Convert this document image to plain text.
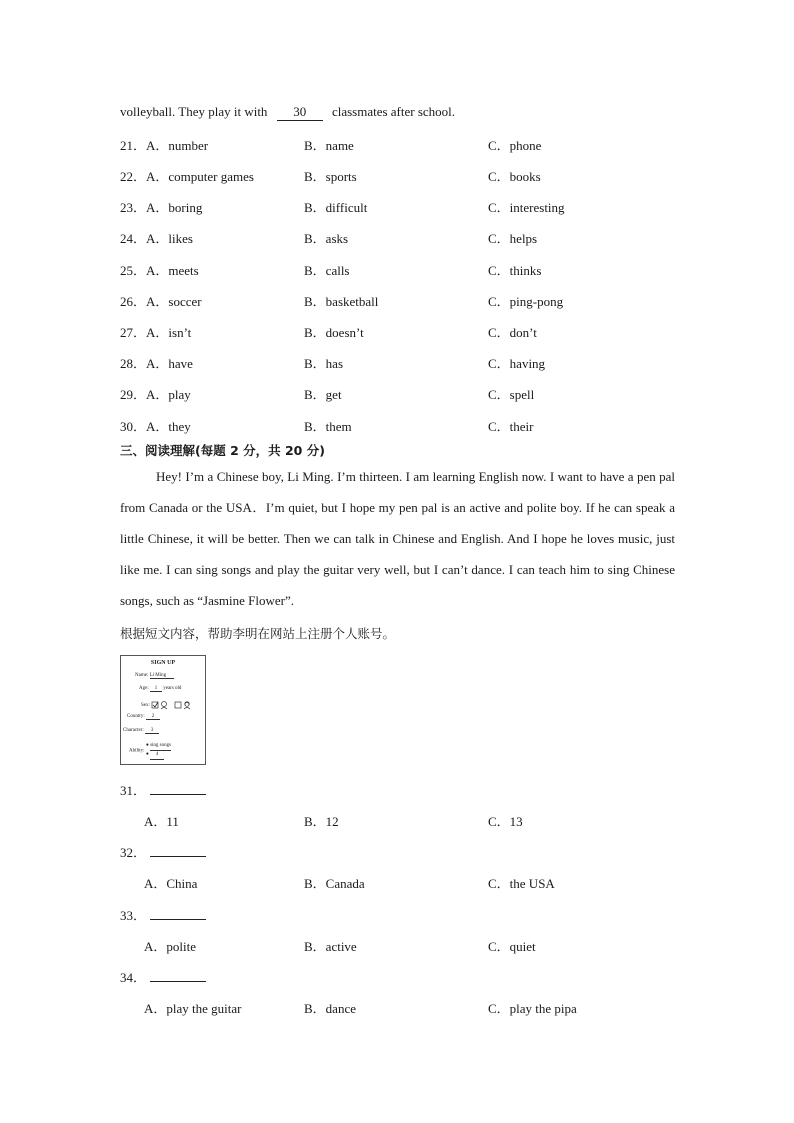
volleyball. They play it with 30 classmates after school.
21．A．number	B．name	C．phone
22．A．computer games	B．sports	C．books
23．A．boring	B．difficult	C．interesting
24．A．likes	B．asks	C．helps
25．A．meets	B．calls	C．thinks
26．A．soccer	B．basketball	C．ping-pong
27．A．isn’t	B．doesn’t	C．don’t
28．A．have	B．has	C．having
29．A．play	B．get	C．spell
30．A．they	B．them	C．their
三、阅读理解(每题 2 分，共 20 分)

Hey! I’m a Chinese boy, Li Ming. I’m thirteen. I am learning English now. I want to have a pen pal from Canada or the USA．I’m quiet, but I hope my pen pal is an active and polite boy. If he can speak a little Chinese, it will be better. Then we can talk in Chinese and English. And I hope he loves music, just like me. I can sing songs and play the guitar very well, but I can’t dance. I can teach him to sing Chinese songs, such as “Jasmine Flower”.

根据短文内容，帮助李明在网站上注册个人账号。
SIGN UP
Name: Li Ming
Age: 1 years old
Sex:
Country: 2
Character: 3
Ability:
● sing songs
● 4
31．
A．11	B．12	C．13
32．
A．China	B．Canada	C．the USA
33．
A．polite	B．active	C．quiet
34．
A．play the guitar	B．dance	C．play the pipa
